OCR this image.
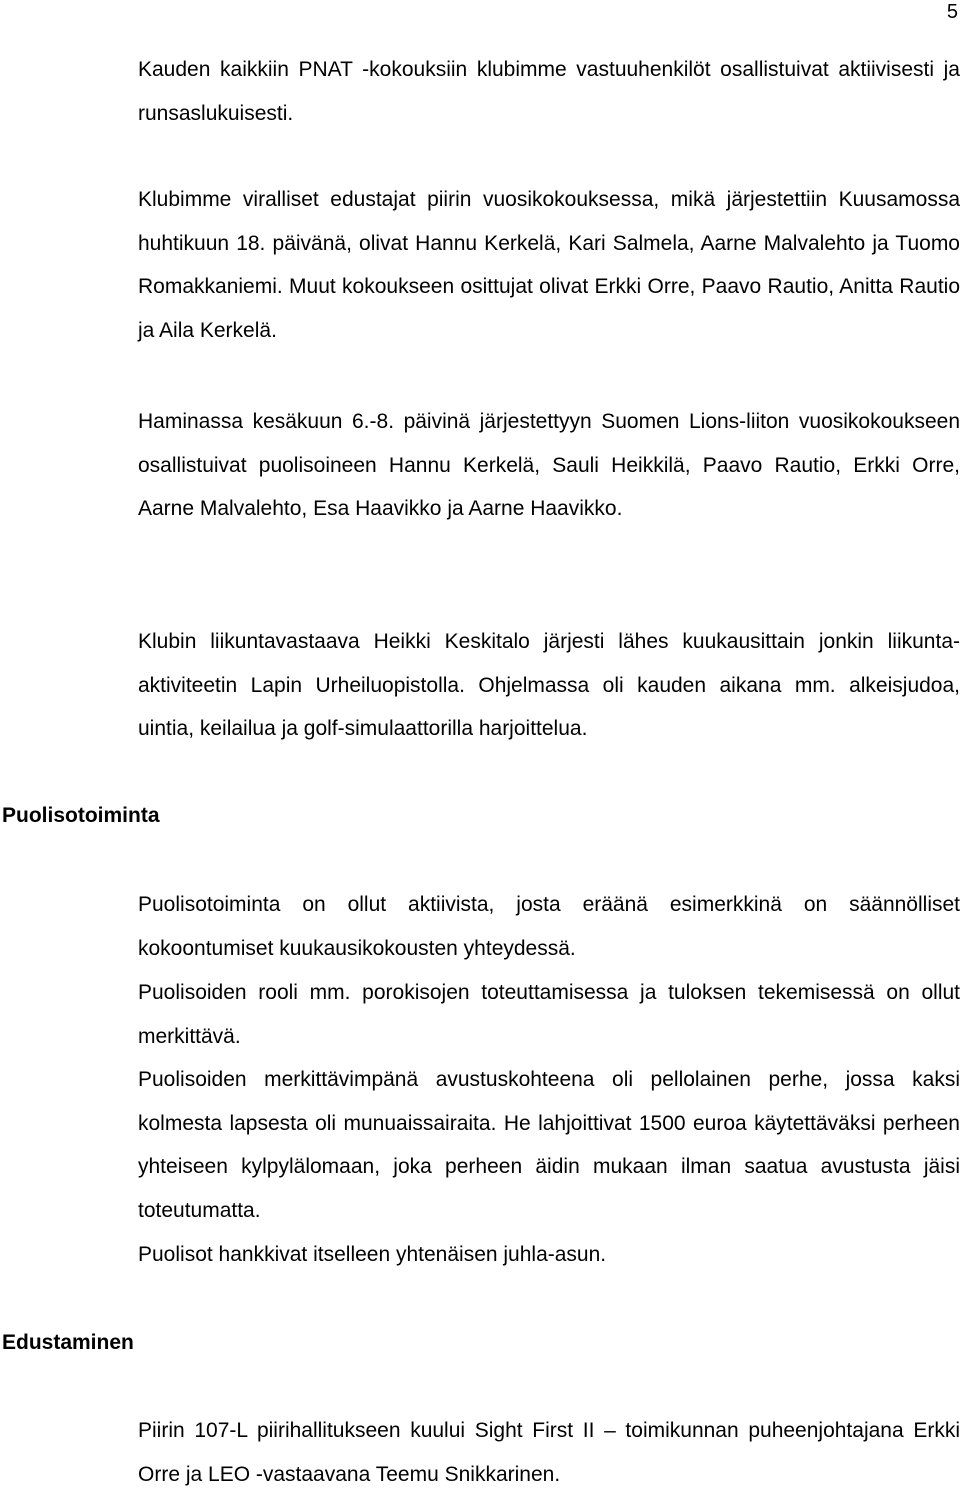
5

Kauden kaikkiin PNAT -kokouksiin klubimme vastuuhenkilöt osallistuivat aktiivisesti ja runsaslukuisesti.

Klubimme viralliset edustajat piirin vuosikokouksessa, mikä järjestettiin Kuusamossa huhtikuun 18. päivänä, olivat Hannu Kerkelä, Kari Salmela, Aarne Malvalehto ja Tuomo Romakkaniemi. Muut kokoukseen osittujat olivat Erkki Orre, Paavo Rautio, Anitta Rautio ja Aila Kerkelä.

Haminassa kesäkuun 6.-8. päivinä järjestettyyn Suomen Lions-liiton vuosikokoukseen osallistuivat puolisoineen Hannu Kerkelä, Sauli Heikkilä, Paavo Rautio, Erkki Orre, Aarne Malvalehto, Esa Haavikko ja Aarne Haavikko.

Klubin liikuntavastaava Heikki Keskitalo järjesti lähes kuukausittain jonkin liikunta-aktiviteetin Lapin Urheiluopistolla. Ohjelmassa oli kauden aikana mm. alkeisjudoa, uintia, keilailua ja golf-simulaattorilla harjoittelua.

Puolisotoiminta

Puolisotoiminta on ollut aktiivista, josta eräänä esimerkkinä on säännölliset kokoontumiset kuukausikokousten yhteydessä.

Puolisoiden rooli mm. porokisojen toteuttamisessa ja tuloksen tekemisessä on ollut merkittävä.

Puolisoiden merkittävimpänä avustuskohteena oli pellolainen perhe, jossa kaksi kolmesta lapsesta oli munuaissairaita. He lahjoittivat 1500 euroa käytettäväksi perheen yhteiseen kylpylälomaan, joka perheen äidin mukaan ilman saatua avustusta jäisi toteutumatta.

Puolisot hankkivat itselleen yhtenäisen juhla-asun.

Edustaminen

Piirin 107-L piirihallitukseen kuului Sight First II – toimikunnan puheenjohtajana Erkki Orre ja LEO -vastaavana Teemu Snikkarinen.
